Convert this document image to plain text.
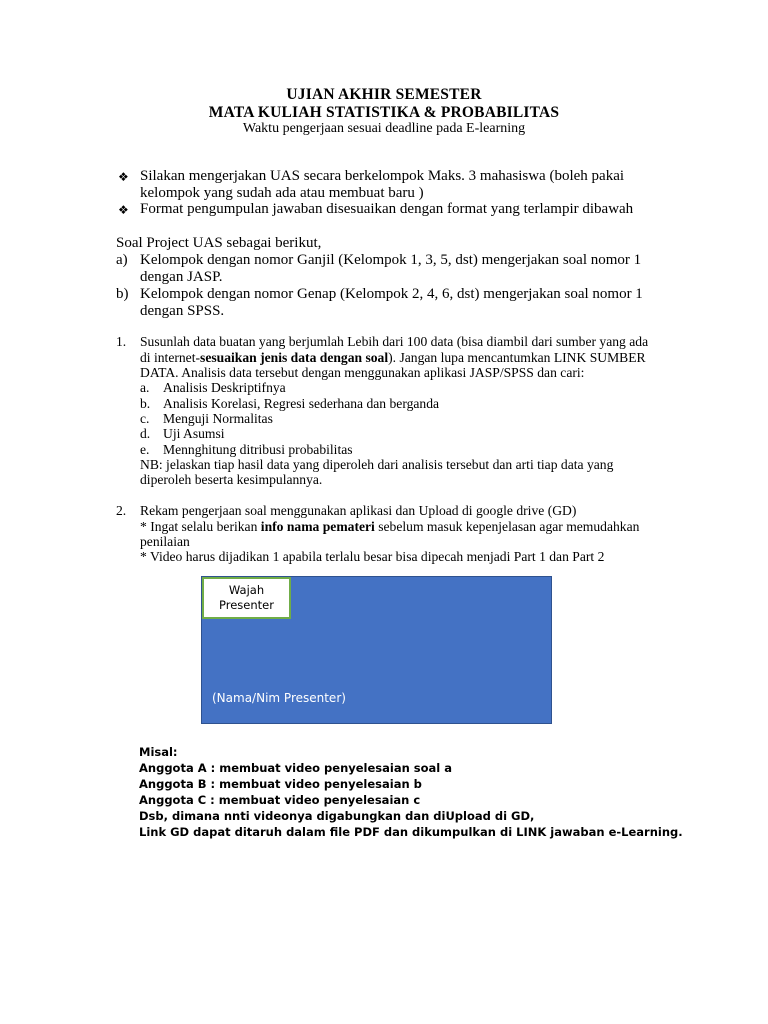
UJIAN AKHIR SEMESTER
MATA KULIAH STATISTIKA & PROBABILITAS
Waktu pengerjaan sesuai deadline pada E-learning
❖ Silakan mengerjakan UAS secara berkelompok Maks. 3 mahasiswa (boleh pakai
kelompok yang sudah ada atau membuat baru )
❖ Format pengumpulan jawaban disesuaikan dengan format yang terlampir dibawah
Soal Project UAS sebagai berikut,
a) Kelompok dengan nomor Ganjil (Kelompok 1, 3, 5, dst) mengerjakan soal nomor 1
dengan JASP.
b) Kelompok dengan nomor Genap (Kelompok 2, 4, 6, dst) mengerjakan soal nomor 1
dengan SPSS.
1. Susunlah data buatan yang berjumlah Lebih dari 100 data (bisa diambil dari sumber yang ada
di internet-sesuaikan jenis data dengan soal). Jangan lupa mencantumkan LINK SUMBER
DATA. Analisis data tersebut dengan menggunakan aplikasi JASP/SPSS dan cari:
a. Analisis Deskriptifnya
b. Analisis Korelasi, Regresi sederhana dan berganda
c. Menguji Normalitas
d. Uji Asumsi
e. Mennghitung ditribusi probabilitas
NB: jelaskan tiap hasil data yang diperoleh dari analisis tersebut dan arti tiap data yang
diperoleh beserta kesimpulannya.
2. Rekam pengerjaan soal menggunakan aplikasi dan Upload di google drive (GD)
* Ingat selalu berikan info nama pemateri sebelum masuk kepenjelasan agar memudahkan
penilaian
* Video harus dijadikan 1 apabila terlalu besar bisa dipecah menjadi Part 1 dan Part 2
Wajah
Presenter
(Nama/Nim Presenter)
Misal:
Anggota A : membuat video penyelesaian soal a
Anggota B : membuat video penyelesaian b
Anggota C : membuat video penyelesaian c
Dsb, dimana nnti videonya digabungkan dan diUpload di GD,
Link GD dapat ditaruh dalam file PDF dan dikumpulkan di LINK jawaban e-Learning.
